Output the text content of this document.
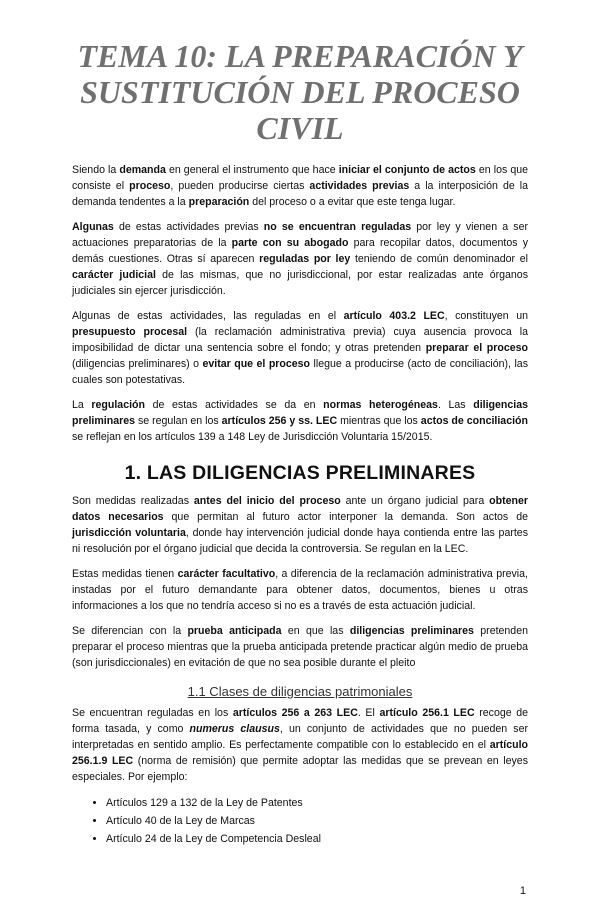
TEMA 10: LA PREPARACIÓN Y
SUSTITUCIÓN DEL PROCESO CIVIL

Siendo la demanda en general el instrumento que hace iniciar el conjunto de actos en los que consiste el proceso, pueden producirse ciertas actividades previas a la interposición de la demanda tendentes a la preparación del proceso o a evitar que este tenga lugar.

Algunas de estas actividades previas no se encuentran reguladas por ley y vienen a ser actuaciones preparatorias de la parte con su abogado para recopilar datos, documentos y demás cuestiones. Otras sí aparecen reguladas por ley teniendo de común denominador el carácter judicial de las mismas, que no jurisdiccional, por estar realizadas ante órganos judiciales sin ejercer jurisdicción.

Algunas de estas actividades, las reguladas en el artículo 403.2 LEC, constituyen un presupuesto procesal (la reclamación administrativa previa) cuya ausencia provoca la imposibilidad de dictar una sentencia sobre el fondo; y otras pretenden preparar el proceso (diligencias preliminares) o evitar que el proceso llegue a producirse (acto de conciliación), las cuales son potestativas.

La regulación de estas actividades se da en normas heterogéneas. Las diligencias preliminares se regulan en los artículos 256 y ss. LEC mientras que los actos de conciliación se reflejan en los artículos 139 a 148 Ley de Jurisdicción Voluntaria 15/2015.

1. LAS DILIGENCIAS PRELIMINARES

Son medidas realizadas antes del inicio del proceso ante un órgano judicial para obtener datos necesarios que permitan al futuro actor interponer la demanda. Son actos de jurisdicción voluntaria, donde hay intervención judicial donde haya contienda entre las partes ni resolución por el órgano judicial que decida la controversia. Se regulan en la LEC.

Estas medidas tienen carácter facultativo, a diferencia de la reclamación administrativa previa, instadas por el futuro demandante para obtener datos, documentos, bienes u otras informaciones a los que no tendría acceso si no es a través de esta actuación judicial.

Se diferencian con la prueba anticipada en que las diligencias preliminares pretenden preparar el proceso mientras que la prueba anticipada pretende practicar algún medio de prueba (son jurisdiccionales) en evitación de que no sea posible durante el pleito

1.1 Clases de diligencias patrimoniales

Se encuentran reguladas en los artículos 256 a 263 LEC. El artículo 256.1 LEC recoge de forma tasada, y como numerus clausus, un conjunto de actividades que no pueden ser interpretadas en sentido amplio. Es perfectamente compatible con lo establecido en el artículo 256.1.9 LEC (norma de remisión) que permite adoptar las medidas que se prevean en leyes especiales. Por ejemplo:

• Artículos 129 a 132 de la Ley de Patentes
• Artículo 40 de la Ley de Marcas
• Artículo 24 de la Ley de Competencia Desleal
1
